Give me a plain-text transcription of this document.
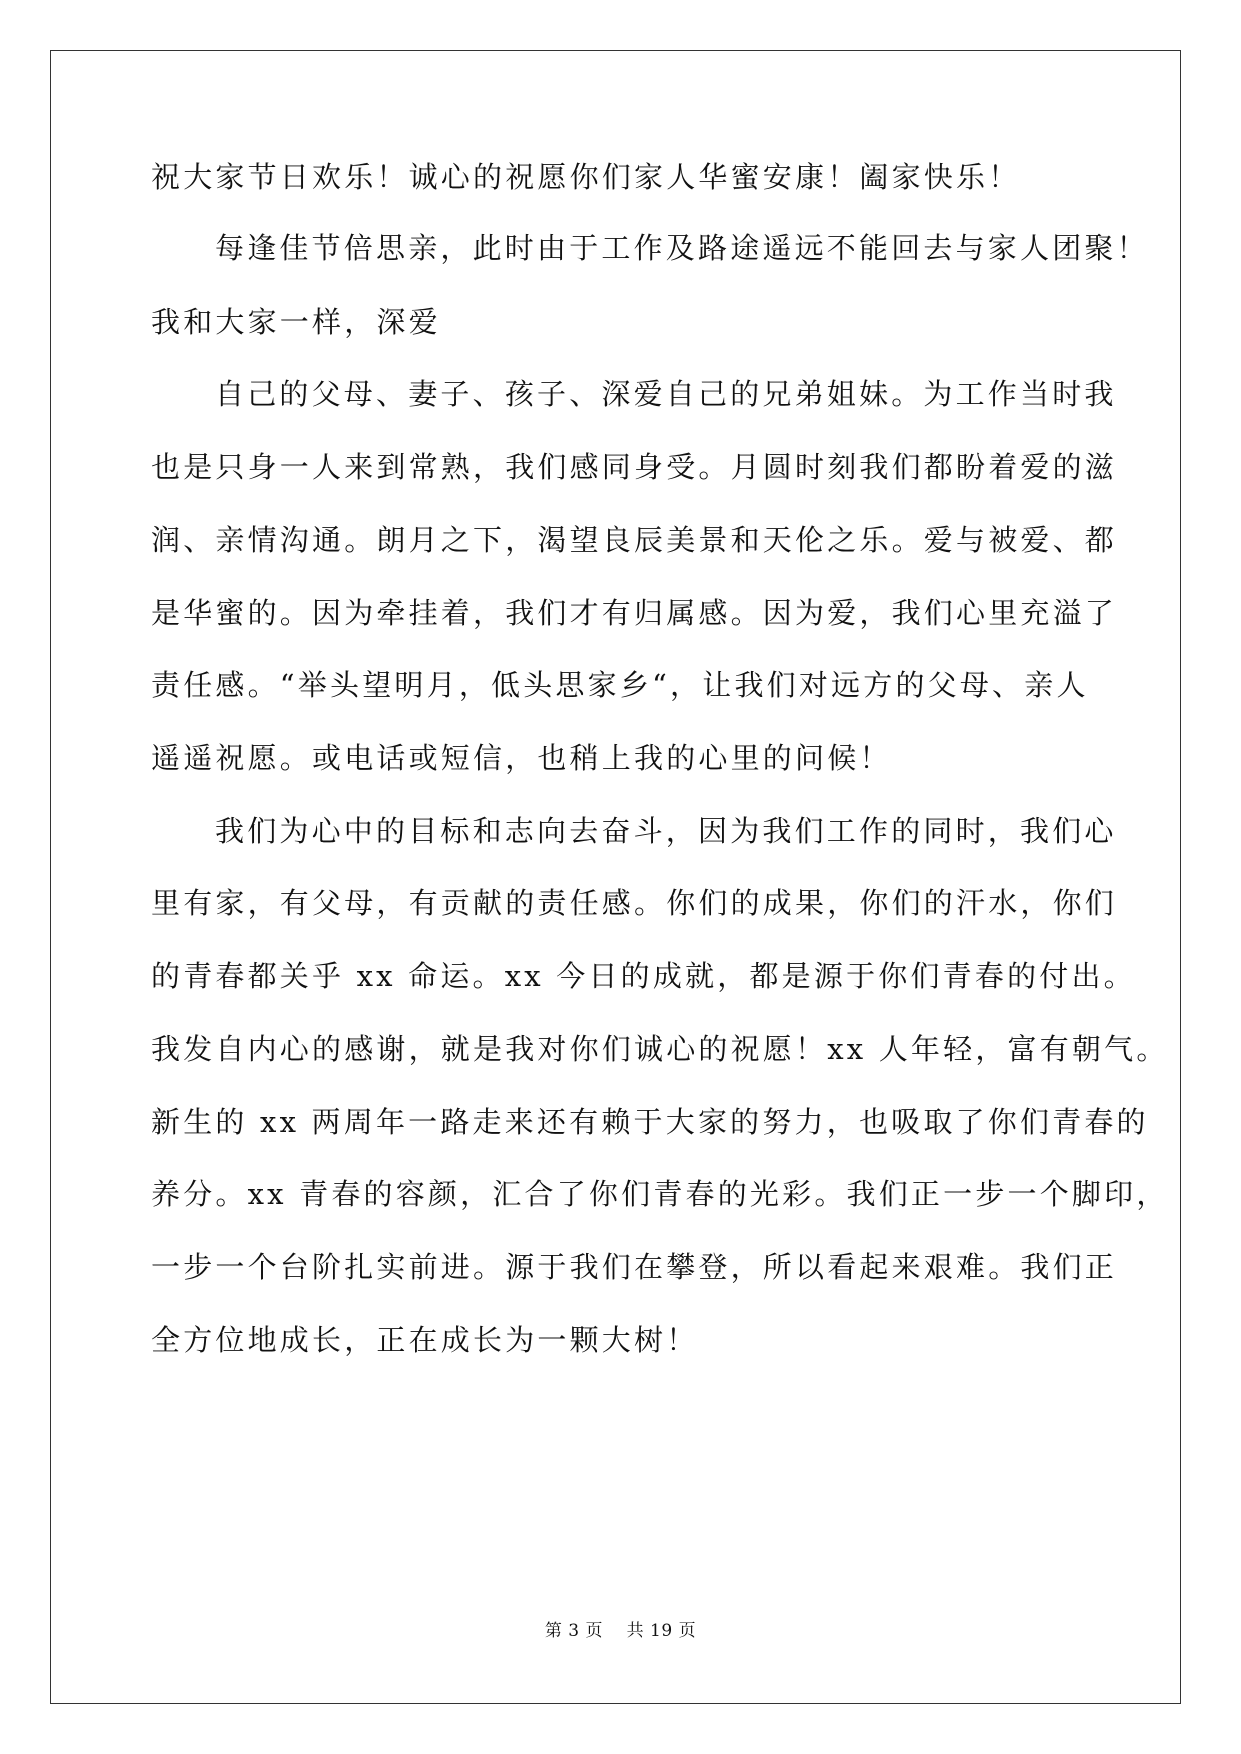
祝大家节日欢乐！诚心的祝愿你们家人华蜜安康！阖家快乐！
每逢佳节倍思亲，此时由于工作及路途遥远不能回去与家人团聚！
我和大家一样，深爱
自己的父母、妻子、孩子、深爱自己的兄弟姐妹。为工作当时我
也是只身一人来到常熟，我们感同身受。月圆时刻我们都盼着爱的滋
润、亲情沟通。朗月之下，渴望良辰美景和天伦之乐。爱与被爱、都
是华蜜的。因为牵挂着，我们才有归属感。因为爱，我们心里充溢了
责任感。“举头望明月，低头思家乡“，让我们对远方的父母、亲人
遥遥祝愿。或电话或短信，也稍上我的心里的问候！
我们为心中的目标和志向去奋斗，因为我们工作的同时，我们心
里有家，有父母，有贡献的责任感。你们的成果，你们的汗水，你们
的青春都关乎 xx 命运。xx 今日的成就，都是源于你们青春的付出。
我发自内心的感谢，就是我对你们诚心的祝愿！xx 人年轻，富有朝气。
新生的 xx 两周年一路走来还有赖于大家的努力，也吸取了你们青春的
养分。xx 青春的容颜，汇合了你们青春的光彩。我们正一步一个脚印，
一步一个台阶扎实前进。源于我们在攀登，所以看起来艰难。我们正
全方位地成长，正在成长为一颗大树！
第 3 页    共 19 页
